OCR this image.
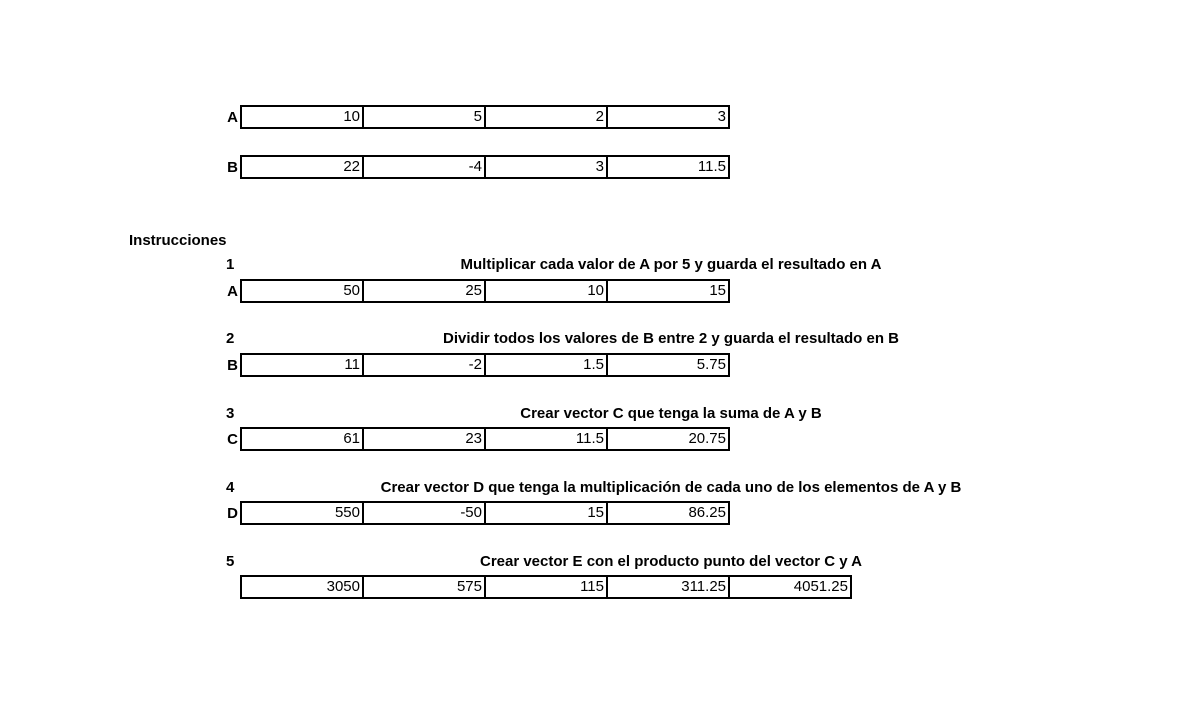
A	10	5	2	3
B	22	-4	3	11.5
Instrucciones
1	Multiplicar cada valor de A por 5 y guarda el resultado en A
A	50	25	10	15
2	Dividir todos los valores de B entre 2 y guarda el resultado en B
B	11	-2	1.5	5.75
3	Crear vector C que tenga la suma de A y B
C	61	23	11.5	20.75
4	Crear vector D que tenga la multiplicación de cada uno de los elementos de A y B
D	550	-50	15	86.25
5	Crear vector E con el producto punto del vector C y A
3050	575	115	311.25	4051.25
